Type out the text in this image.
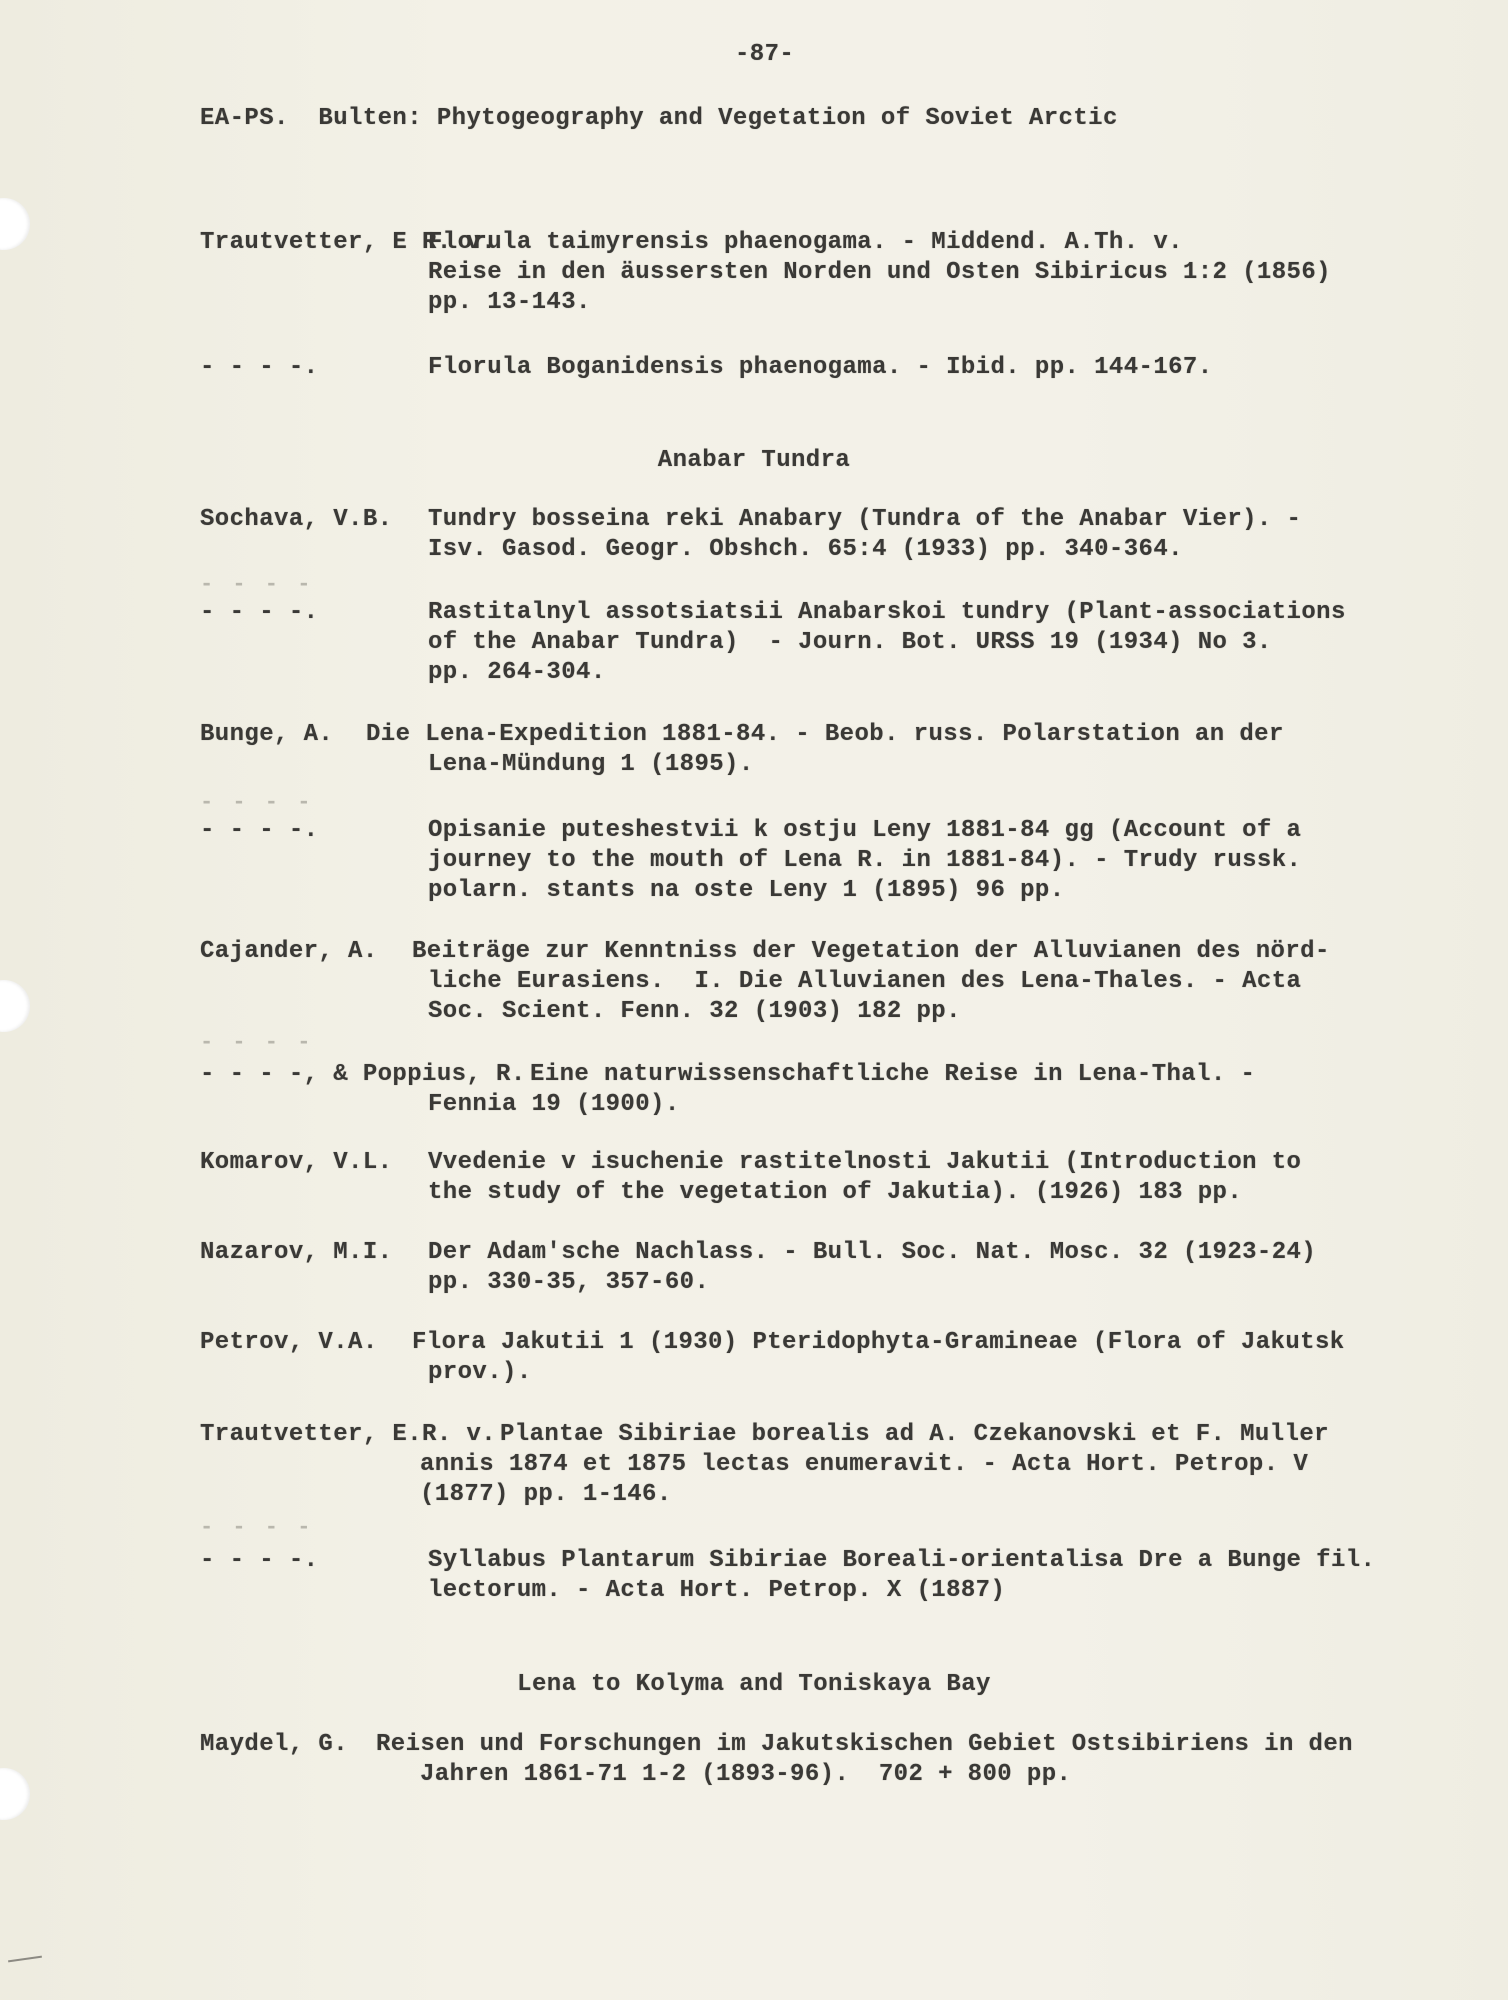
-87-
EA-PS.  Bulten: Phytogeography and Vegetation of Soviet Arctic
Trautvetter, E R. v.
Florula taimyrensis phaenogama. - Middend. A.Th. v.
Reise in den äussersten Norden und Osten Sibiricus 1:2 (1856)
pp. 13-143.
- - - -.	Florula Boganidensis phaenogama. - Ibid. pp. 144-167.
Anabar Tundra
Sochava, V.B. Tundry bosseina reki Anabary (Tundra of the Anabar Vier). -
Isv. Gasod. Geogr. Obshch. 65:4 (1933) pp. 340-364.
- - - -
- - - -.	Rastitalnyl assotsiatsii Anabarskoi tundry (Plant-associations
of the Anabar Tundra)  - Journ. Bot. URSS 19 (1934) No 3.
pp. 264-304.
Bunge, A. Die Lena-Expedition 1881-84. - Beob. russ. Polarstation an der
Lena-Mündung 1 (1895).
- - - -
- - - -.	Opisanie puteshestvii k ostju Leny 1881-84 gg (Account of a
journey to the mouth of Lena R. in 1881-84). - Trudy russk.
polarn. stants na oste Leny 1 (1895) 96 pp.
Cajander, A. Beiträge zur Kenntniss der Vegetation der Alluvianen des nörd-
liche Eurasiens.  I. Die Alluvianen des Lena-Thales. - Acta
Soc. Scient. Fenn. 32 (1903) 182 pp.
- - - -
- - - -, & Poppius, R. Eine naturwissenschaftliche Reise in Lena-Thal. -
Fennia 19 (1900).
Komarov, V.L. Vvedenie v isuchenie rastitelnosti Jakutii (Introduction to
the study of the vegetation of Jakutia). (1926) 183 pp.
Nazarov, M.I. Der Adam'sche Nachlass. - Bull. Soc. Nat. Mosc. 32 (1923-24)
pp. 330-35, 357-60.
Petrov, V.A. Flora Jakutii 1 (1930) Pteridophyta-Gramineae (Flora of Jakutsk
prov.).
Trautvetter, E.R. v. Plantae Sibiriae borealis ad A. Czekanovski et F. Muller
annis 1874 et 1875 lectas enumeravit. - Acta Hort. Petrop. V
(1877) pp. 1-146.
- - - -
- - - -.	Syllabus Plantarum Sibiriae Boreali-orientalisa Dre a Bunge fil.
lectorum. - Acta Hort. Petrop. X (1887)
Lena to Kolyma and Toniskaya Bay
Maydel, G. Reisen und Forschungen im Jakutskischen Gebiet Ostsibiriens in den
Jahren 1861-71 1-2 (1893-96).  702 + 800 pp.
